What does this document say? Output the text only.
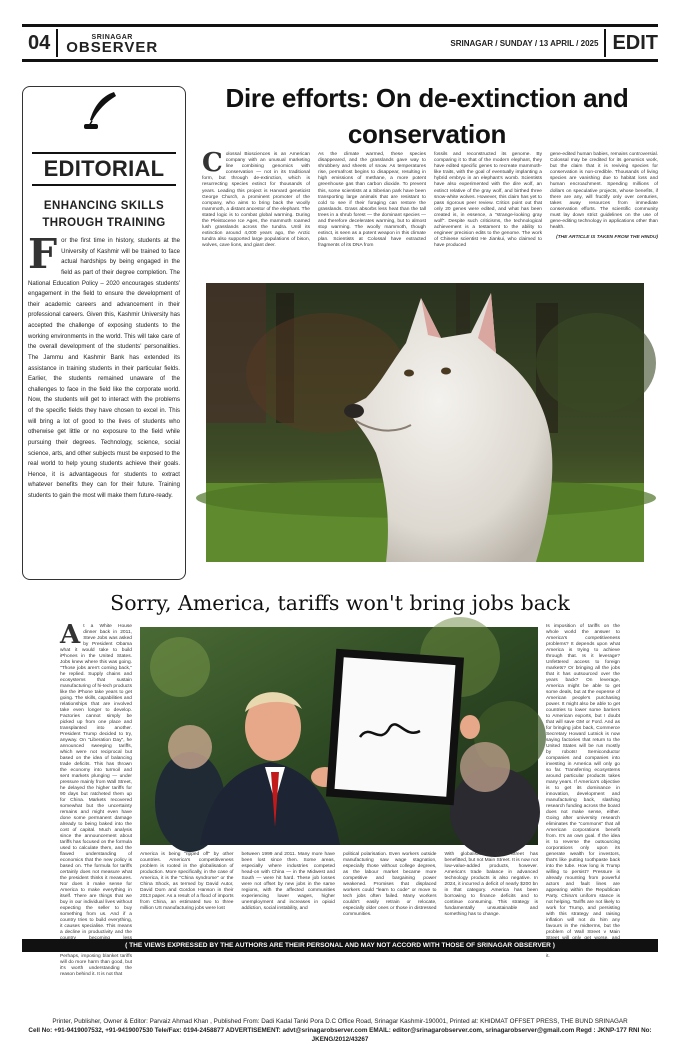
04	SRINAGAR
OBSERVER	SRINAGAR / SUNDAY / 13 APRIL / 2025 EDIT
EDITORIAL
ENHANCING SKILLS THROUGH TRAINING
For the first time in history, students at the University of Kashmir will be trained to face actual hardships by being engaged in the field as part of their degree completion. The National Education Policy – 2020 encourages students' engagement in the field to ensure the development of their academic careers and advancement in their professional careers. Given this, Kashmir University has accepted the challenge of exposing students to the working environments in the world. This will take care of the overall development of the students' personalities. The Jammu and Kashmir Bank has extended its assistance in training students in their particular fields. Earlier, the students remained unaware of the challenges to face in the field like the corporate world. Now, the students will get to interact with the problems of the specific fields they have chosen to excel in. This will bring a lot of good to the lives of students who otherwise get little or no exposure to the field while pursuing their degrees. Technology, science, social science, arts, and other subjects must be exposed to the real world to help young students achieve their goals. Hence, it is advantageous for students to extract whatever benefits they can for their future. Training students to gain the most will make them future-ready.
Dire efforts: On de-extinction and conservation
Colossal Biosciences is an American company with an unusual marketing line combining genomics with conservation — not in its traditional form, but through de-extinction, which is resurrecting species extinct for thousands of years. Leading this project is Harvard geneticist George Church, a prominent promoter of the company, who aims to bring back the woolly mammoth, a distant ancestor of the elephant. The stated logic is to combat global warming. During the Pleistocene Ice Ages, the mammoth roamed lush grasslands across the tundra. Until its extinction around 4,000 years ago, the Arctic tundra also supported large populations of bison, wolves, cave lions, and giant deer.
As the climate warmed, these species disappeared, and the grasslands gave way to shrubbery and sheets of snow. As temperatures rise, permafrost begins to disappear, resulting in high emissions of methane, a more potent greenhouse gas than carbon dioxide. To prevent this, some scientists at a Siberian park have been transporting large animals that are resistant to cold to see if their foraging can restore the grasslands. Grass absorbs less heat than the tall trees in a shrub forest — the dominant species — and therefore decelerates warming, but to almost stop warming. The woolly mammoth, though extinct, is seen as a potent weapon in this climate plan. Scientists at Colossal have extracted fragments of its DNA from
fossils and reconstructed its genome. By comparing it to that of the modern elephant, they have edited specific genes to recreate mammoth-like traits, with the goal of eventually implanting a hybrid embryo in an elephant's womb. Scientists have also experimented with the dire wolf, an extinct relative of the gray wolf, and birthed three snow-white wolves. However, this claim has yet to pass rigorous peer review. Critics point out that only 20 genes were edited, and what has been created is, in essence, a "strange-looking gray wolf". Despite such criticisms, the technological achievement is a testament to the ability to engineer precision edits to the genome. The work of Chinese scientist He Jiankui, who claimed to have produced
gene-edited human babies, remains controversial. Colossal may be credited for its genomics work, but the claim that it is reviving species for conservation is non-credible. Thousands of living species are vanishing due to habitat loss and human encroachment. Spending millions of dollars on speculative projects, whose benefits, if there are any, will fructify only over centuries, takes away resources from immediate conservation efforts. The scientific community must lay down strict guidelines on the use of gene-editing technology in applications other than health.
(THE ARTICLE IS TAKEN FROM THE HINDU)
Sorry, America, tariffs won't bring jobs back
At a White House dinner back in 2011, Steve Jobs was asked by President Obama what it would take to build iPhones in the United States. Jobs knew where this was going. "Those jobs aren't coming back," he replied. Supply chains and ecosystems that sustain manufacturing of hi-tech products like the iPhone take years to get going. The skills, capabilities and relationships that are involved take even longer to develop. Factories cannot simply be picked up from one place and transplanted into another. President Trump decided to try, anyway. On "Liberation Day", he announced sweeping tariffs, which were not reciprocal but based on the idea of balancing trade deficits. This has thrown the economy into turmoil and sent markets plunging — under pressure mainly from Wall Street, he delayed the higher tariffs for 90 days but ratcheted them up for China. Markets recovered somewhat but the uncertainty remains and might even have done some permanent damage already to being baked into the cost of capital. Much analysis since the announcement about tariffs has focused on the formula used to calculate them, and the flawed understanding of economics that the new policy is based on. The formula for tariffs certainly does not measure what the president thinks it measures. Nor does it make sense for America to make everything in itself. There are things that we buy in our individual lives without expecting the seller to buy something from us. And if a country tries to build everything, it causes specialise. This means a decline in productivity and the Perhaps, imposing blanket tariffs will do more harm than good, but it's worth understanding the reason behind it. It is not that
America is being "ripped off" by other countries. America's competitiveness problem is rooted in the globalisation of production. More specifically, in the case of America, it is the "China syndrome" or the China Shock, as termed by David Autor, David Dorn and Gordon Hanson in their 2013 paper. As a result of a flood of imports from China, an estimated two to three million US manufacturing jobs were lost
between 1999 and 2011. Many more have been lost since then. Some areas, especially where industries competed head-on with China — in the Midwest and South — were hit hard. These job losses were not offset by new jobs in the same regions, with the affected communities experiencing lower wages, higher unemployment and increases in opioid addiction, social instability, and
political polarisation. Even workers outside manufacturing saw wage stagnation, especially those without college degrees, as the labour market became more competitive and bargaining power weakened. Promises that displaced workers could "learn to code" or move to tech jobs often failed. Many workers couldn't easily retrain or relocate, especially older ones or those in distressed communities.
With globalisation, Wall Street has benefitted, but not Main Street. It is now not low-value-added products, however. America's trade balance in advanced technology products is also negative. In 2024, it incurred a deficit of nearly $200 bn in that category. America has been borrowing to finance deficits and to continue consuming. This strategy is fundamentally unsustainable and something has to change.
Is imposition of tariffs on the whole world the answer to America's competitiveness problems? It depends upon what America is trying to achieve through that. Is it leverage? Unfettered access to foreign markets? Or bringing all the jobs that it has outsourced over the years back? On leverage, America might be able to get some deals, but at the expense of American people's purchasing power. It might also be able to get countries to lower some barriers to American exports, but I doubt that will save GM or Ford. And as for bringing jobs back, Commerce Secretary Howard Lutnick is now saying factories that return to the United States will be run mostly by robots! Semiconductor companies and companies into investing in America will only go so far. Transferring ecosystems around particular products takes many years. If America's objective is to get its dominance in innovation, development and manufacturing back, slashing research funding across the board does not make sense, either. Going after university research eliminates the "commons" that all American corporations benefit from. It's an own goal. If the idea is to reverse the outsourcing corporations only upon its generate wealth for investors, that's like putting toothpaste back into the tube. How long is Trump willing to persist? Pressure is already mounting from powerful actors and fault lines are appearing within the Republican Party. China's uniform stance is not helping. Tariffs are not likely to work for Trump, and persisting with this strategy and raising inflation will not do him any favours in the midterms, but the problem of Wall Street v Main it.
( THE VIEWS EXPRESSED BY THE AUTHORS ARE THEIR PERSONAL AND MAY NOT ACCORD WITH THOSE OF SRINAGAR OBSERVER )
Printer, Publisher, Owner & Editor: Parvaiz Ahmad Khan , Published From: Dadi Kadal Tanki Pora D.C Office Road, Srinagar Kashmir-190001, Printed at: KHIDMAT OFFSET PRESS, THE BUND SRINAGAR
Cell No: +91-9419007532, +91-9419007530 Tele/Fax: 0194-2458877 ADVERTISEMENT: advt@srinagarobserver.com EMAIL: editor@srinagarobserver.com, srinagarobserver@gmail.com Regd : JKNP-177 RNI No: JKENG/2012/43267
